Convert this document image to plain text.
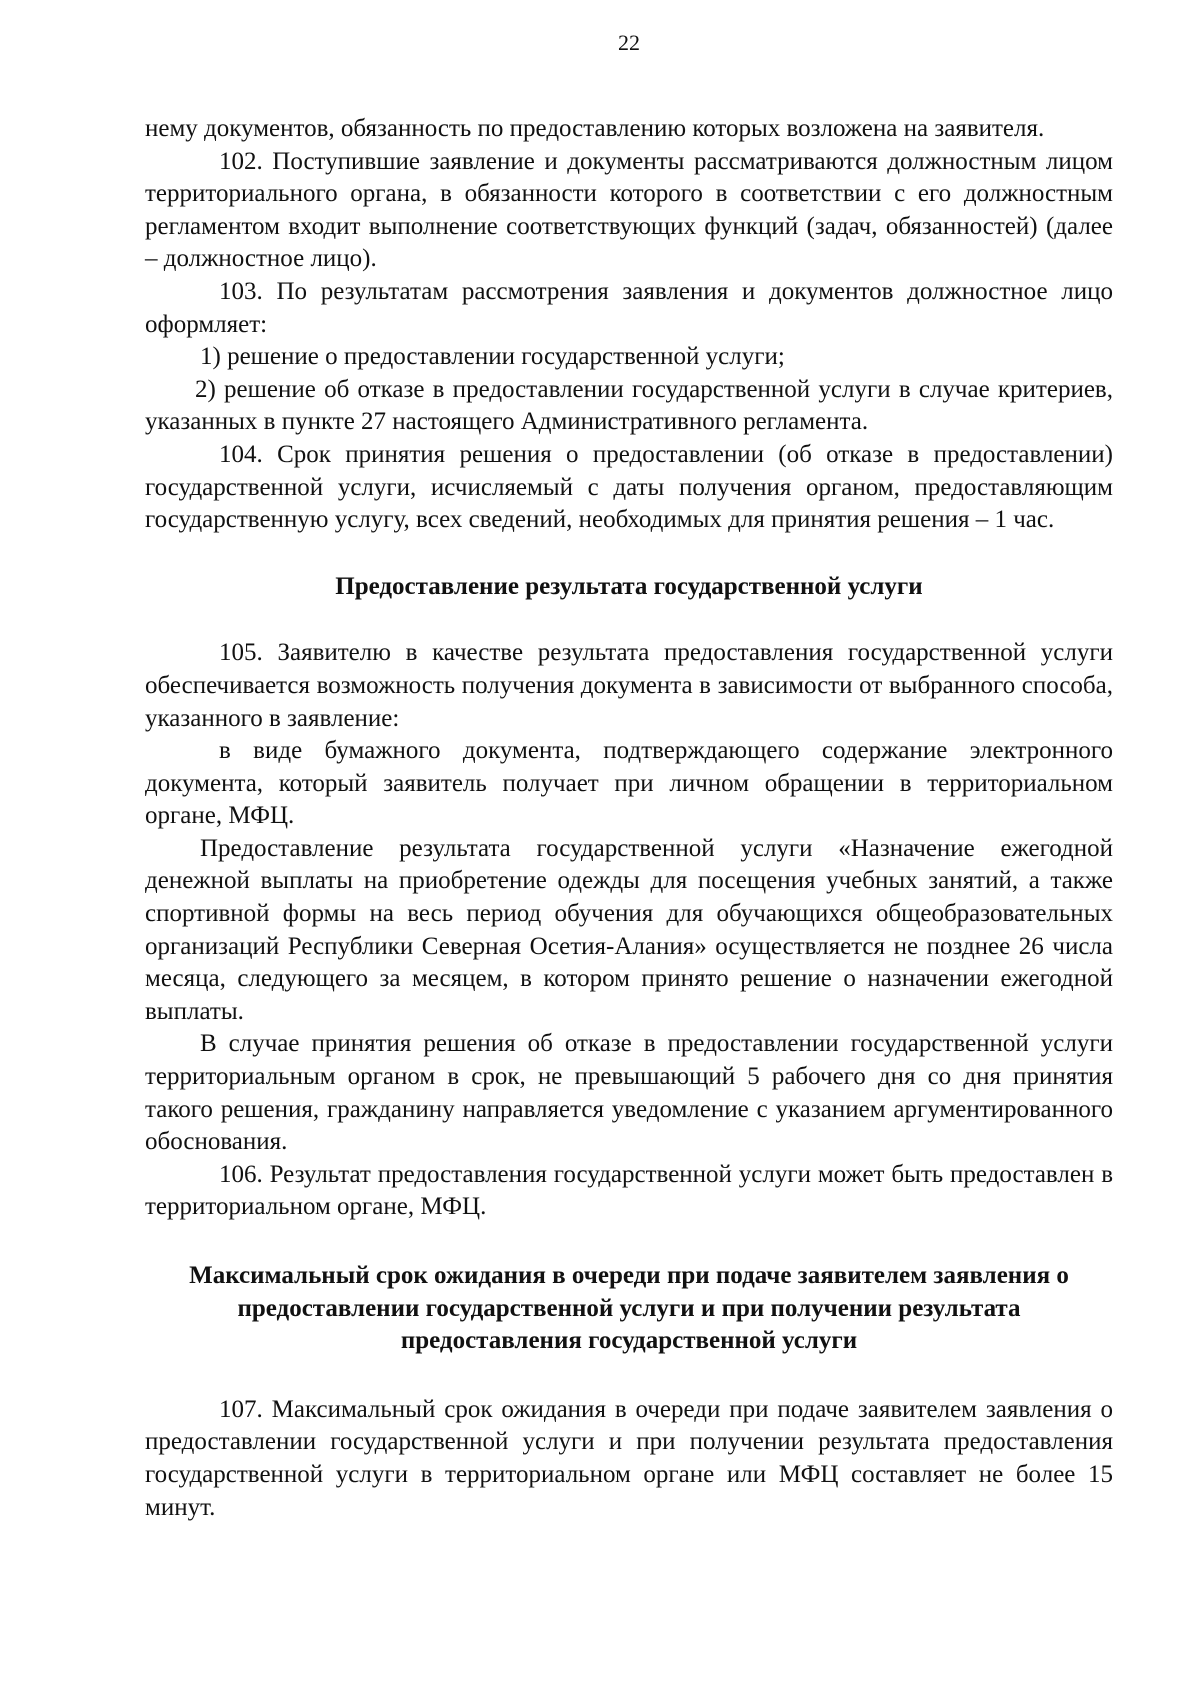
22

нему документов, обязанность по предоставлению которых возложена на заявителя.

102. Поступившие заявление и документы рассматриваются должностным лицом территориального органа, в обязанности которого в соответствии с его должностным регламентом входит выполнение соответствующих функций (задач, обязанностей) (далее – должностное лицо).

103. По результатам рассмотрения заявления и документов должностное лицо оформляет:

1) решение о предоставлении государственной услуги;

2) решение об отказе в предоставлении государственной услуги в случае критериев, указанных в пункте 27 настоящего Административного регламента.

104. Срок принятия решения о предоставлении (об отказе в предоставлении) государственной услуги, исчисляемый с даты получения органом, предоставляющим государственную услугу, всех сведений, необходимых для принятия решения – 1 час.

Предоставление результата государственной услуги

105. Заявителю в качестве результата предоставления государственной услуги обеспечивается возможность получения документа в зависимости от выбранного способа, указанного в заявление:

в виде бумажного документа, подтверждающего содержание электронного документа, который заявитель получает при личном обращении в территориальном органе, МФЦ.

Предоставление результата государственной услуги «Назначение ежегодной денежной выплаты на приобретение одежды для посещения учебных занятий, а также спортивной формы на весь период обучения для обучающихся общеобразовательных организаций Республики Северная Осетия-Алания» осуществляется не позднее 26 числа месяца, следующего за месяцем, в котором принято решение о назначении ежегодной выплаты.

В случае принятия решения об отказе в предоставлении государственной услуги территориальным органом в срок, не превышающий 5 рабочего дня со дня принятия такого решения, гражданину направляется уведомление с указанием аргументированного обоснования.

106. Результат предоставления государственной услуги может быть предоставлен в территориальном органе, МФЦ.

Максимальный срок ожидания в очереди при подаче заявителем заявления о предоставлении государственной услуги и при получении результата предоставления государственной услуги

107. Максимальный срок ожидания в очереди при подаче заявителем заявления о предоставлении государственной услуги и при получении результата предоставления государственной услуги в территориальном органе или МФЦ составляет не более 15 минут.
